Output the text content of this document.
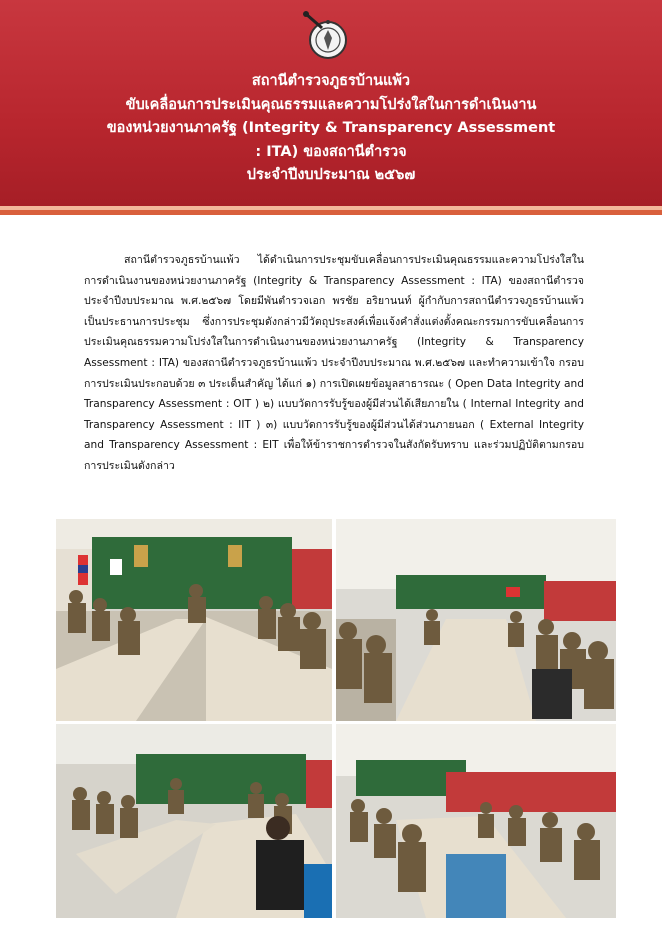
สถานีตำรวจภูธรบ้านแพ้ว
ขับเคลื่อนการประเมินคุณธรรมและความโปร่งใสในการดำเนินงาน
ของหน่วยงานภาครัฐ (Integrity & Transparency Assessment
: ITA) ของสถานีตำรวจ
ประจำปีงบประมาณ ๒๕๖๗

สถานีตำรวจภูธรบ้านแพ้ว ได้ดำเนินการประชุมขับเคลื่อนการประเมินคุณธรรมและความโปร่งใสในการดำเนินงานของหน่วยงานภาครัฐ (Integrity & Transparency Assessment : ITA) ของสถานีตำรวจประจำปีงบประมาณ พ.ศ.๒๕๖๗ โดยมีพันตำรวจเอก พรชัย อริยานนท์ ผู้กำกับการสถานีตำรวจภูธรบ้านแพ้ว เป็นประธานการประชุม ซึ่งการประชุมดังกล่าวมีวัตถุประสงค์เพื่อแจ้งคำสั่งแต่งตั้งคณะกรรมการขับเคลื่อนการประเมินคุณธรรมความโปร่งใสในการดำเนินงานของหน่วยงานภาครัฐ (Integrity & Transparency Assessment : ITA) ของสถานีตำรวจภูธรบ้านแพ้ว ประจำปีงบประมาณ พ.ศ.๒๕๖๗ และทำความเข้าใจ กรอบการประเมินประกอบด้วย ๓ ประเด็นสำคัญ ได้แก่ ๑) การเปิดเผยข้อมูลสาธารณะ ( Open Data Integrity and Transparency Assessment : OIT ) ๒) แบบวัดการรับรู้ของผู้มีส่วนได้เสียภายใน ( Internal Integrity and Transparency Assessment : IIT ) ๓) แบบวัดการรับรู้ของผู้มีส่วนได้ส่วนภายนอก ( External Integrity and Transparency Assessment : EIT เพื่อให้ข้าราชการตำรวจในสังกัดรับทราบ และร่วมปฏิบัติตามกรอบการประเมินดังกล่าว
